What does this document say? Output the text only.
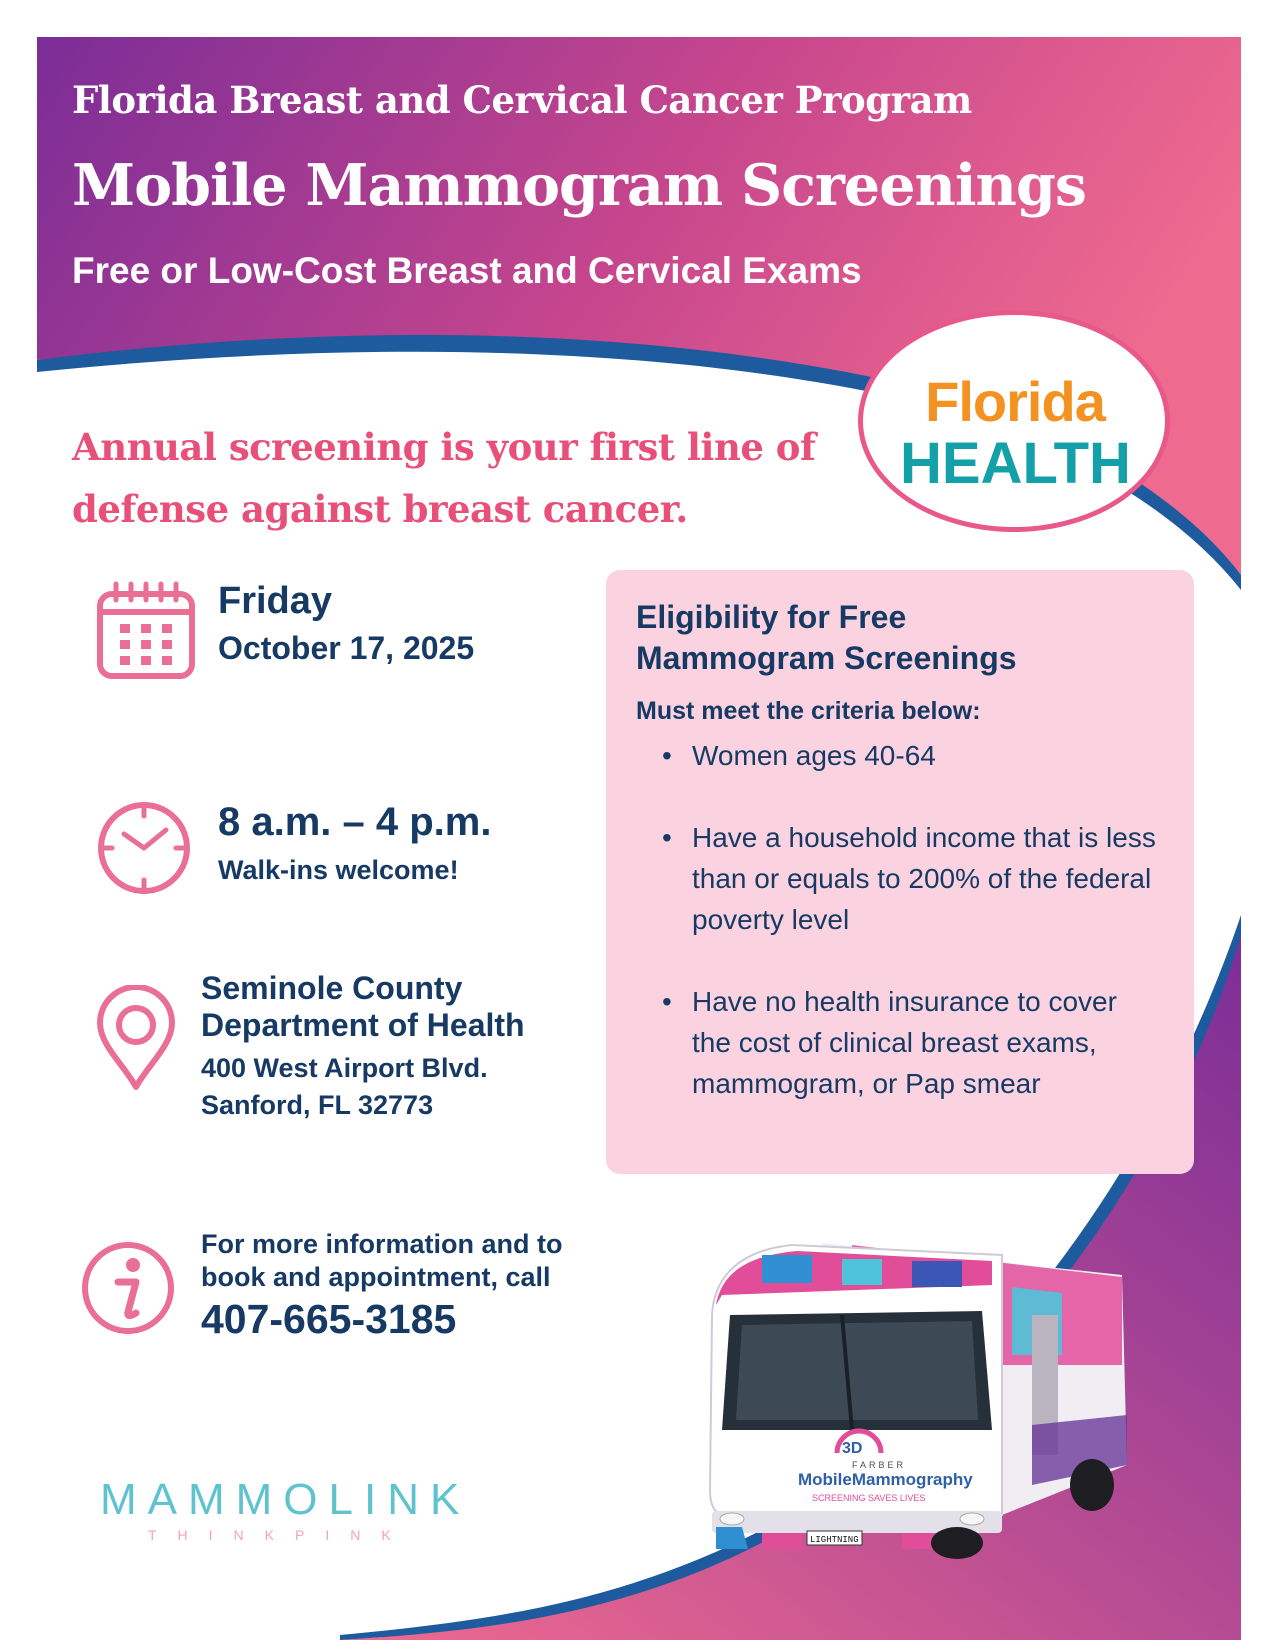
Florida Breast and Cervical Cancer Program
Mobile Mammogram Screenings
Free or Low-Cost Breast and Cervical Exams
Florida
HEALTH

Annual screening is your first line of defense against breast cancer.

Friday
October 17, 2025
8 a.m. – 4 p.m.
Walk-ins welcome!
Seminole County
Department of Health
400 West Airport Blvd.
Sanford, FL 32773
For more information and to
book and appointment, call
407-665-3185
Eligibility for Free
Mammogram Screenings
Must meet the criteria below:
• Women ages 40-64
• Have a household income that is less than or equals to 200% of the federal poverty level
• Have no health insurance to cover the cost of clinical breast exams, mammogram, or Pap smear
3D
FARBER
MobileMammography
SCREENING SAVES LIVES
LIGHTNING
MAMMOLINK
THINKPINK
